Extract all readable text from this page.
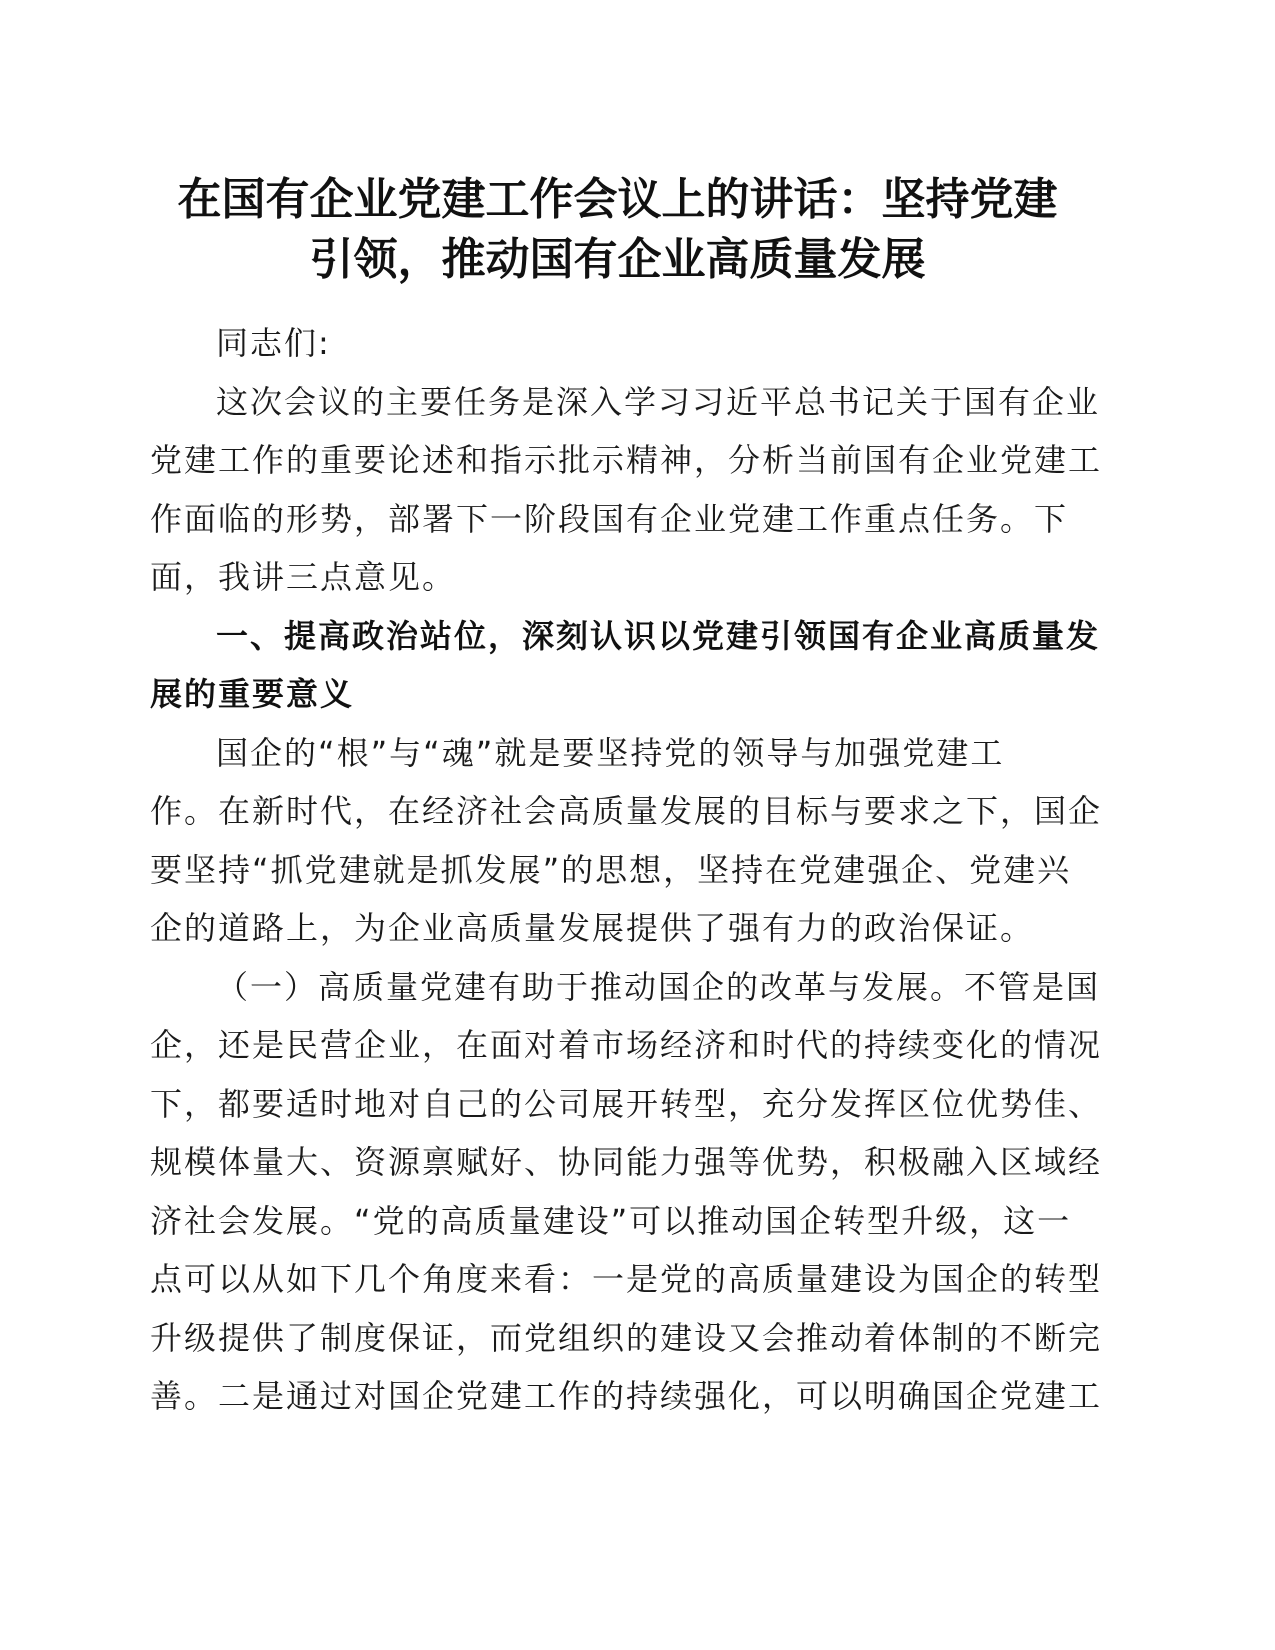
在国有企业党建工作会议上的讲话：坚持党建
引领，推动国有企业高质量发展

同志们:

这次会议的主要任务是深入学习习近平总书记关于国有企业
党建工作的重要论述和指示批示精神，分析当前国有企业党建工
作面临的形势，部署下一阶段国有企业党建工作重点任务。下
面，我讲三点意见。

一、提高政治站位，深刻认识以党建引领国有企业高质量发
展的重要意义

国企的“根”与“魂”就是要坚持党的领导与加强党建工
作。在新时代，在经济社会高质量发展的目标与要求之下，国企
要坚持“抓党建就是抓发展”的思想，坚持在党建强企、党建兴
企的道路上，为企业高质量发展提供了强有力的政治保证。

（一）高质量党建有助于推动国企的改革与发展。不管是国
企，还是民营企业，在面对着市场经济和时代的持续变化的情况
下，都要适时地对自己的公司展开转型，充分发挥区位优势佳、
规模体量大、资源禀赋好、协同能力强等优势，积极融入区域经
济社会发展。“党的高质量建设”可以推动国企转型升级，这一
点可以从如下几个角度来看：一是党的高质量建设为国企的转型
升级提供了制度保证，而党组织的建设又会推动着体制的不断完
善。二是通过对国企党建工作的持续强化，可以明确国企党建工
